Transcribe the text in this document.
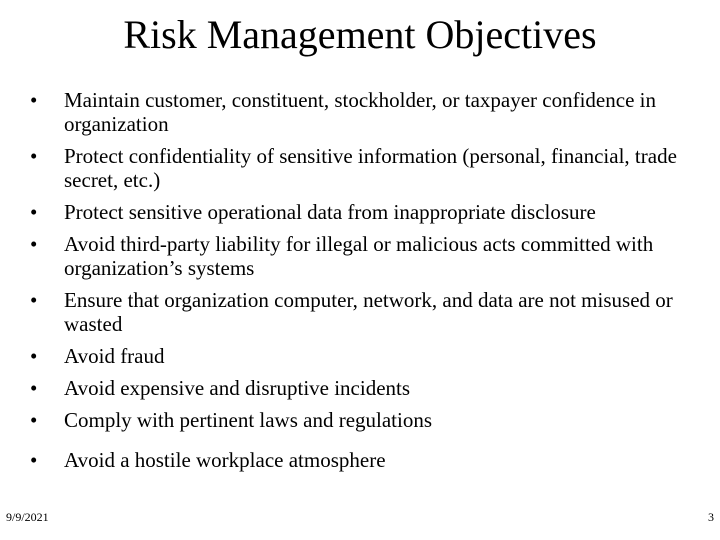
Risk Management Objectives
•	Maintain customer, constituent, stockholder, or taxpayer confidence in organization
•	Protect confidentiality of sensitive information (personal, financial, trade secret, etc.)
•	Protect sensitive operational data from inappropriate disclosure
•	Avoid third-party liability for illegal or malicious acts committed with organization’s systems
•	Ensure that organization computer, network, and data are not misused or wasted
•	Avoid fraud
•	Avoid expensive and disruptive incidents
•	Comply with pertinent laws and regulations
•	Avoid a hostile workplace atmosphere
9/9/2021	3
